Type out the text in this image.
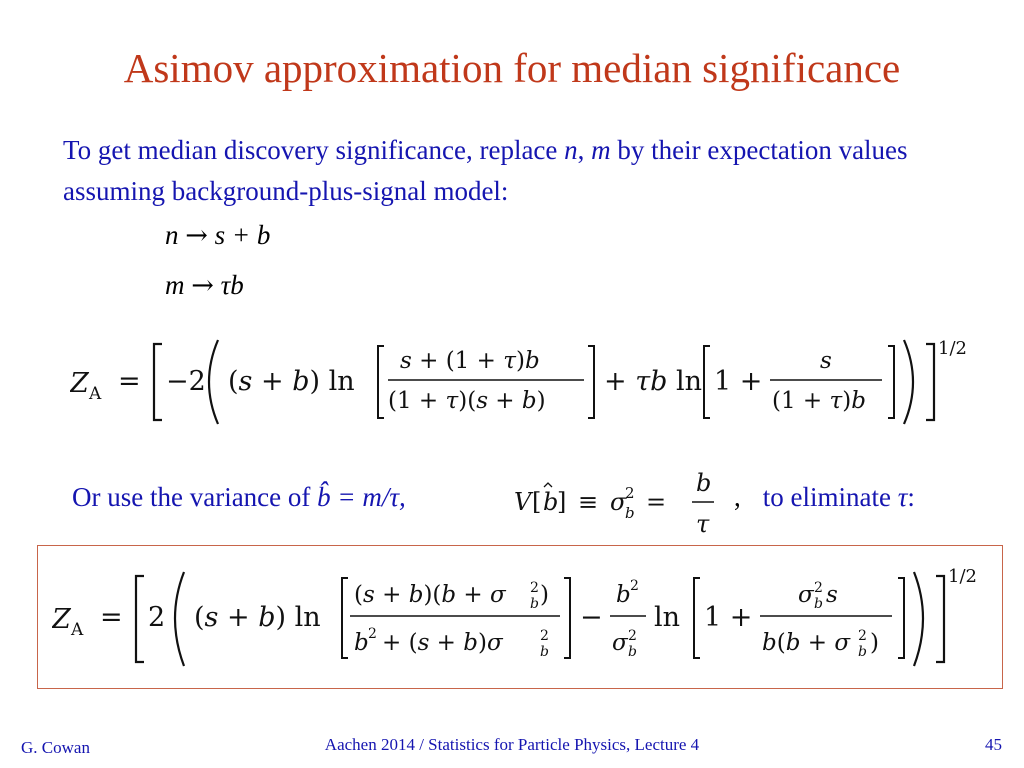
Asimov approximation for median significance
To get median discovery significance, replace n, m by their expectation values assuming background-plus-signal model:
n → s + b
m → τb
Z A = −2 (s + b) ln
s + (1 + τ)b
(1 + τ)(s + b)
+ τb ln 1 +
s
(1 + τ)b
1/2
Or use the variance of b̂ = m/τ,	V [ b
] ≡ σ
2
b =
b
τ
, to eliminate τ:
Z A = 2 (s + b) ln
(s + b)(b + σ 2
b )
b 2 + (s + b)σ	2
b
−
b 2
σ 2
b
ln 1 +
σ 2
b s
b(b + σ 2
b )
1/2
G. Cowan	Aachen 2014 / Statistics for Particle Physics, Lecture 4	45
